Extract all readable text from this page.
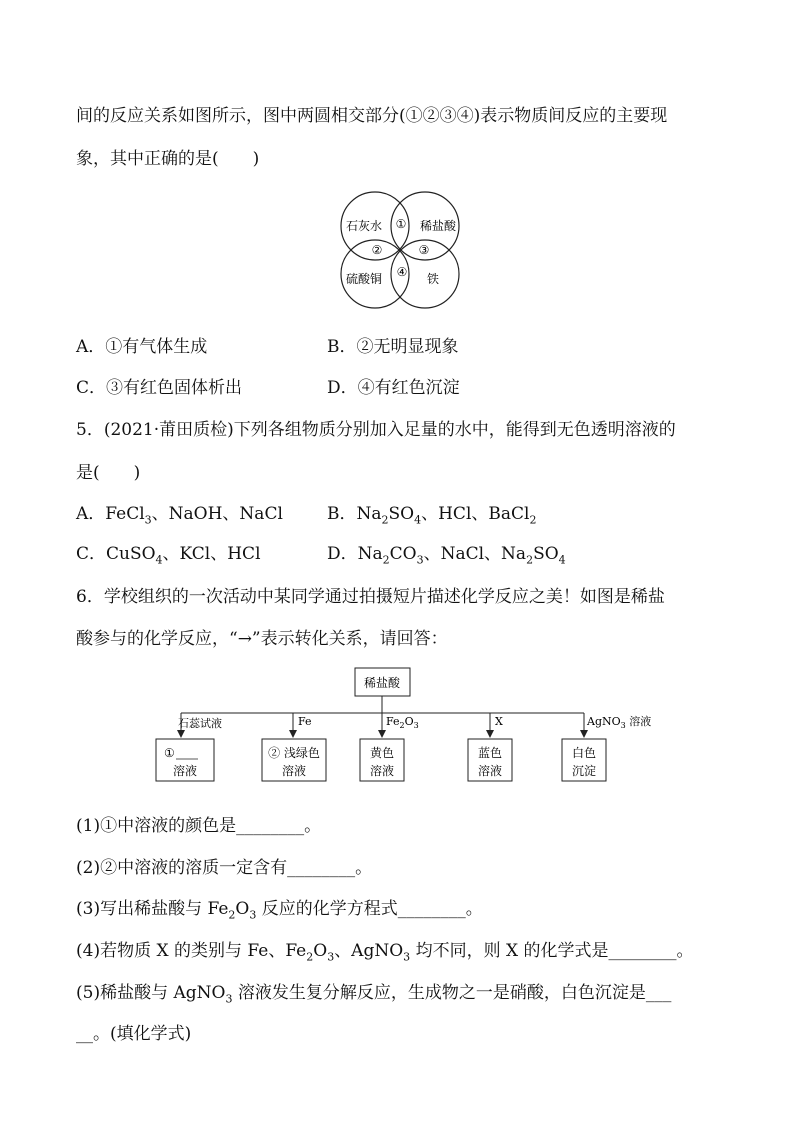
间的反应关系如图所示，图中两圆相交部分(①②③④)表示物质间反应的主要现
象，其中正确的是(　　)
石灰水	稀盐酸
硫酸铜	铁
①
②	③
④
A．①有气体生成	B．②无明显现象
C．③有红色固体析出	D．④有红色沉淀
5．(2021·莆田质检)下列各组物质分别加入足量的水中，能得到无色透明溶液的
是(　　)
A．FeCl$_3$、NaOH、NaCl	B．$Na_2SO_4$、HCl、BaCl$_2$
C．CuSO$_4$、KCl、HCl	D．$Na_2CO_3$、NaCl、$Na_2SO_4$
6．学校组织的一次活动中某同学通过拍摄短片描述化学反应之美！如图是稀盐
酸参与的化学反应，“→”表示转化关系，请回答：
稀盐酸
石蕊试液	Fe	$Fe_2O_3$	X	AgNO$_3$ 溶液
①
溶液
② 浅绿色
溶液
黄色
溶液
蓝色
溶液
白色
沉淀
(1)①中溶液的颜色是________。
(2)②中溶液的溶质一定含有________。
(3)写出稀盐酸与 $Fe_2O_3$ 反应的化学方程式________。
(4)若物质 X 的类别与 Fe、$Fe_2O_3$、AgNO$_3$ 均不同，则 X 的化学式是________。
(5)稀盐酸与 AgNO$_3$ 溶液发生复分解反应，生成物之一是硝酸，白色沉淀是___
__。(填化学式)
